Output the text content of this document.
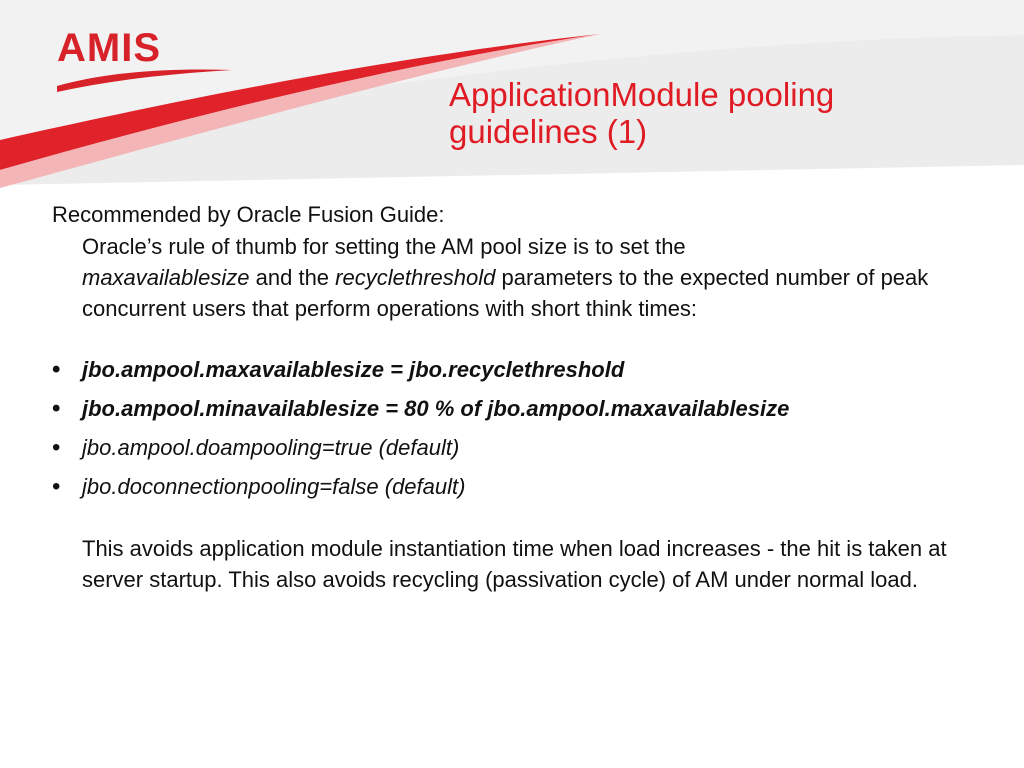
AMIS
ApplicationModule pooling
guidelines (1)

Recommended by Oracle Fusion Guide:

Oracle’s rule of thumb for setting the AM pool size is to set the
maxavailablesize and the recyclethreshold parameters to the expected number of peak concurrent users that perform operations with short think times:

• jbo.ampool.maxavailablesize = jbo.recyclethreshold
• jbo.ampool.minavailablesize = 80 % of jbo.ampool.maxavailablesize
• jbo.ampool.doampooling=true (default)
• jbo.doconnectionpooling=false (default)

This avoids application module instantiation time when load increases - the hit is taken at server startup. This also avoids recycling (passivation cycle) of AM under normal load.
